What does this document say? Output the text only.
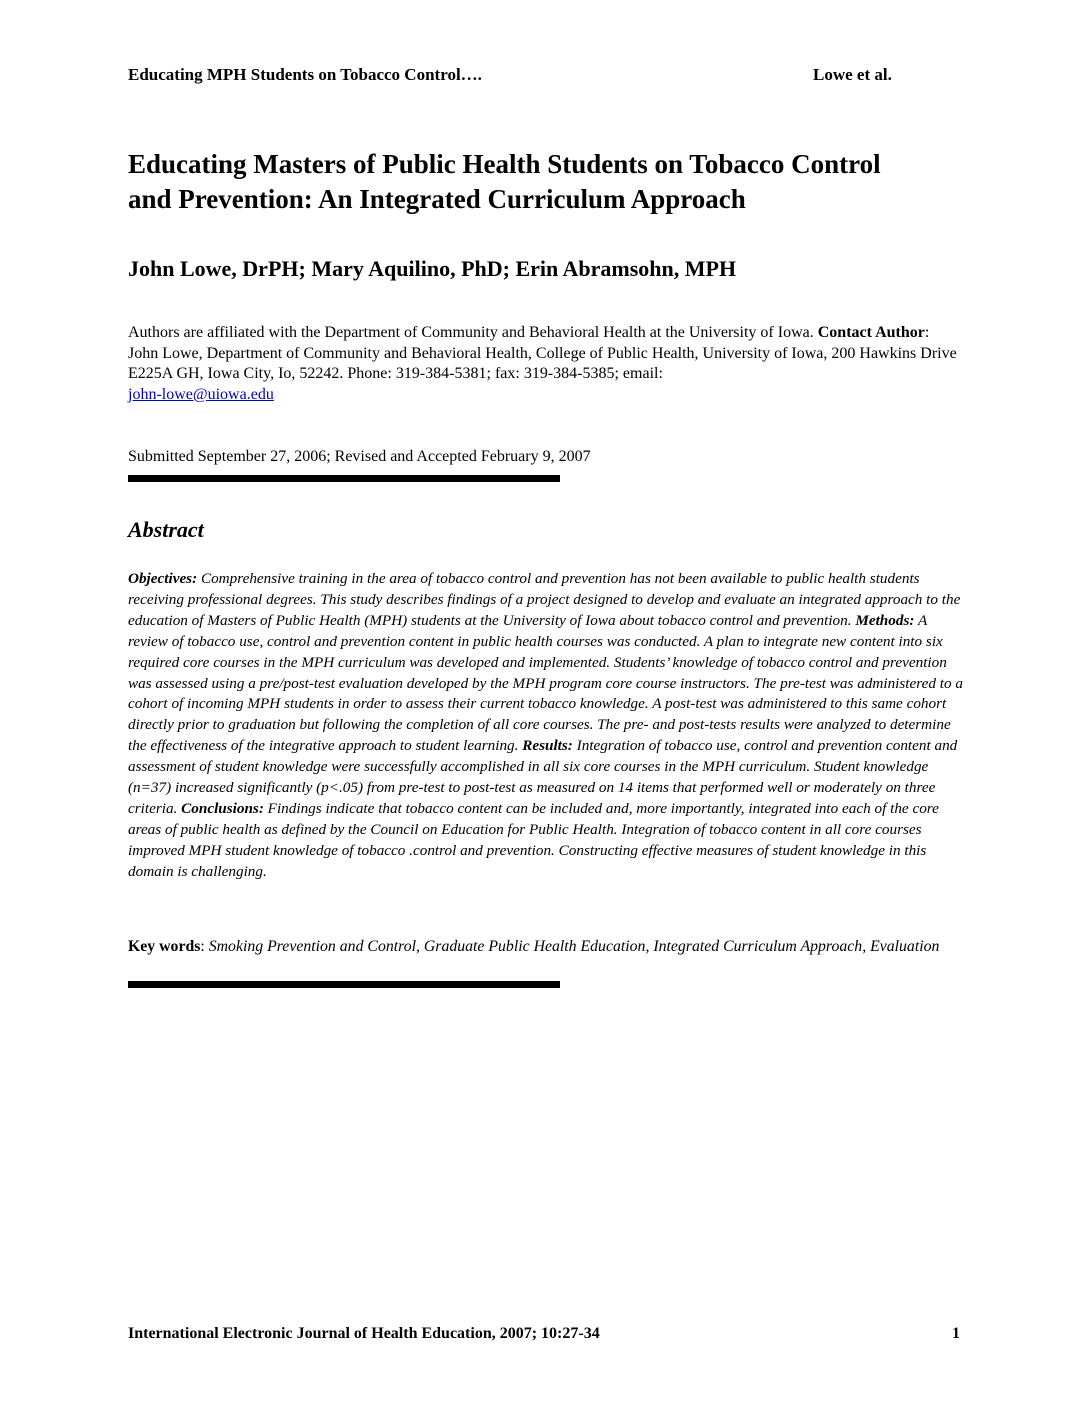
Educating MPH Students on Tobacco Control….	Lowe et al.
Educating Masters of Public Health Students on Tobacco Control
and Prevention: An Integrated Curriculum Approach
John Lowe, DrPH; Mary Aquilino, PhD; Erin Abramsohn, MPH
Authors are affiliated with the Department of Community and Behavioral Health at the University of Iowa. Contact Author: John Lowe, Department of Community and Behavioral Health, College of Public Health, University of Iowa, 200 Hawkins Drive E225A GH, Iowa City, Io, 52242. Phone: 319-384-5381; fax: 319-384-5385; email:
john-lowe@uiowa.edu
Submitted September 27, 2006; Revised and Accepted February 9, 2007
Abstract
Objectives: Comprehensive training in the area of tobacco control and prevention has not been available to public health students receiving professional degrees. This study describes findings of a project designed to develop and evaluate an integrated approach to the education of Masters of Public Health (MPH) students at the University of Iowa about tobacco control and prevention. Methods: A review of tobacco use, control and prevention content in public health courses was conducted. A plan to integrate new content into six required core courses in the MPH curriculum was developed and implemented. Students’ knowledge of tobacco control and prevention was assessed using a pre/post-test evaluation developed by the MPH program core course instructors. The pre-test was administered to a cohort of incoming MPH students in order to assess their current tobacco knowledge. A post-test was administered to this same cohort directly prior to graduation but following the completion of all core courses. The pre- and post-tests results were analyzed to determine the effectiveness of the integrative approach to student learning. Results: Integration of tobacco use, control and prevention content and assessment of student knowledge were successfully accomplished in all six core courses in the MPH curriculum. Student knowledge (n=37) increased significantly (p<.05) from pre-test to post-test as measured on 14 items that performed well or moderately on three criteria. Conclusions: Findings indicate that tobacco content can be included and, more importantly, integrated into each of the core areas of public health as defined by the Council on Education for Public Health. Integration of tobacco content in all core courses improved MPH student knowledge of tobacco .control and prevention. Constructing effective measures of student knowledge in this domain is challenging.
Key words: Smoking Prevention and Control, Graduate Public Health Education, Integrated Curriculum Approach, Evaluation
International Electronic Journal of Health Education, 2007; 10:27-34	1
